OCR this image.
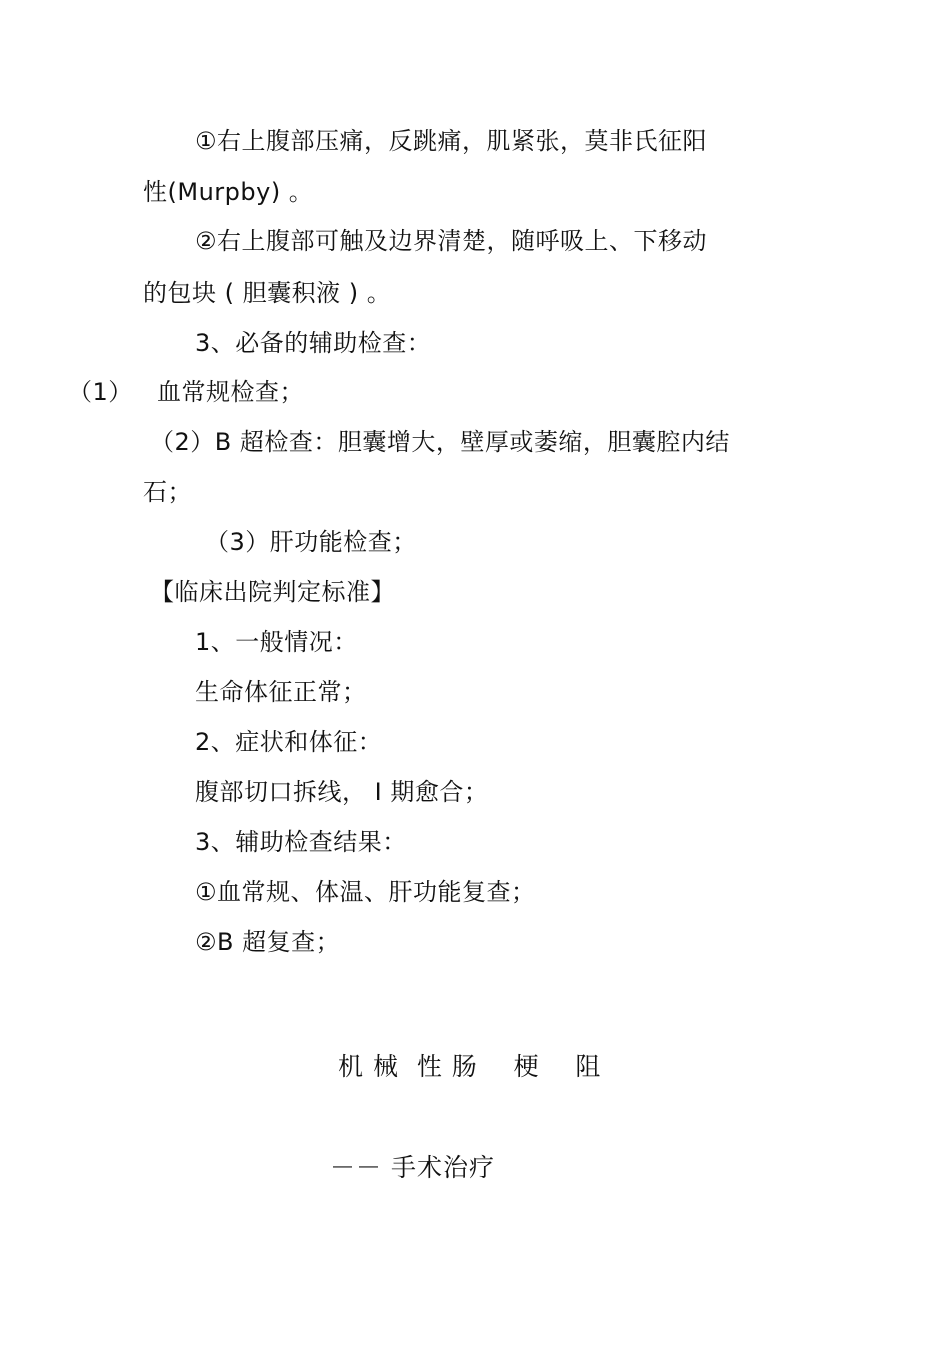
①右上腹部压痛，反跳痛，肌紧张，莫非氏征阳
性(Murpby) 。
②右上腹部可触及边界清楚，随呼吸上、下移动
的包块 ( 胆囊积液 ) 。
3、必备的辅助检查：
（1） 血常规检查；
（2）B 超检查：胆囊增大，壁厚或萎缩，胆囊腔内结
石；
（3）肝功能检查；
【临床出院判定标准】
1、一般情况：
生命体征正常；
2、症状和体征：
腹部切口拆线， Ⅰ 期愈合；
3、辅助检查结果：
①血常规、体温、肝功能复查；
②B 超复查；
机 械  性 肠    梗    阻
－－ 手术治疗
